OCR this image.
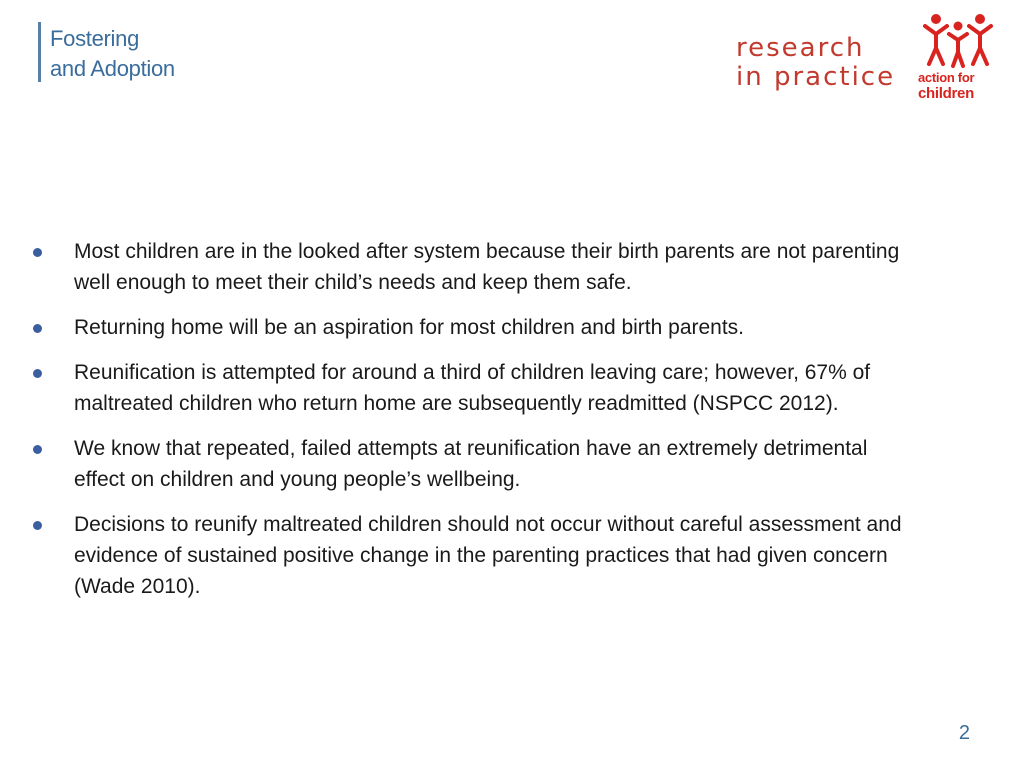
Fostering
and Adoption
research
in practice action for
children
Most children are in the looked after system because their birth parents are not parenting well enough to meet their child’s needs and keep them safe.
Returning home will be an aspiration for most children and birth parents.
Reunification is attempted for around a third of children leaving care; however, 67% of maltreated children who return home are subsequently readmitted (NSPCC 2012).
We know that repeated, failed attempts at reunification have an extremely detrimental effect on children and young people’s wellbeing.
Decisions to reunify maltreated children should not occur without careful assessment and evidence of sustained positive change in the parenting practices that had given concern (Wade 2010).
2
